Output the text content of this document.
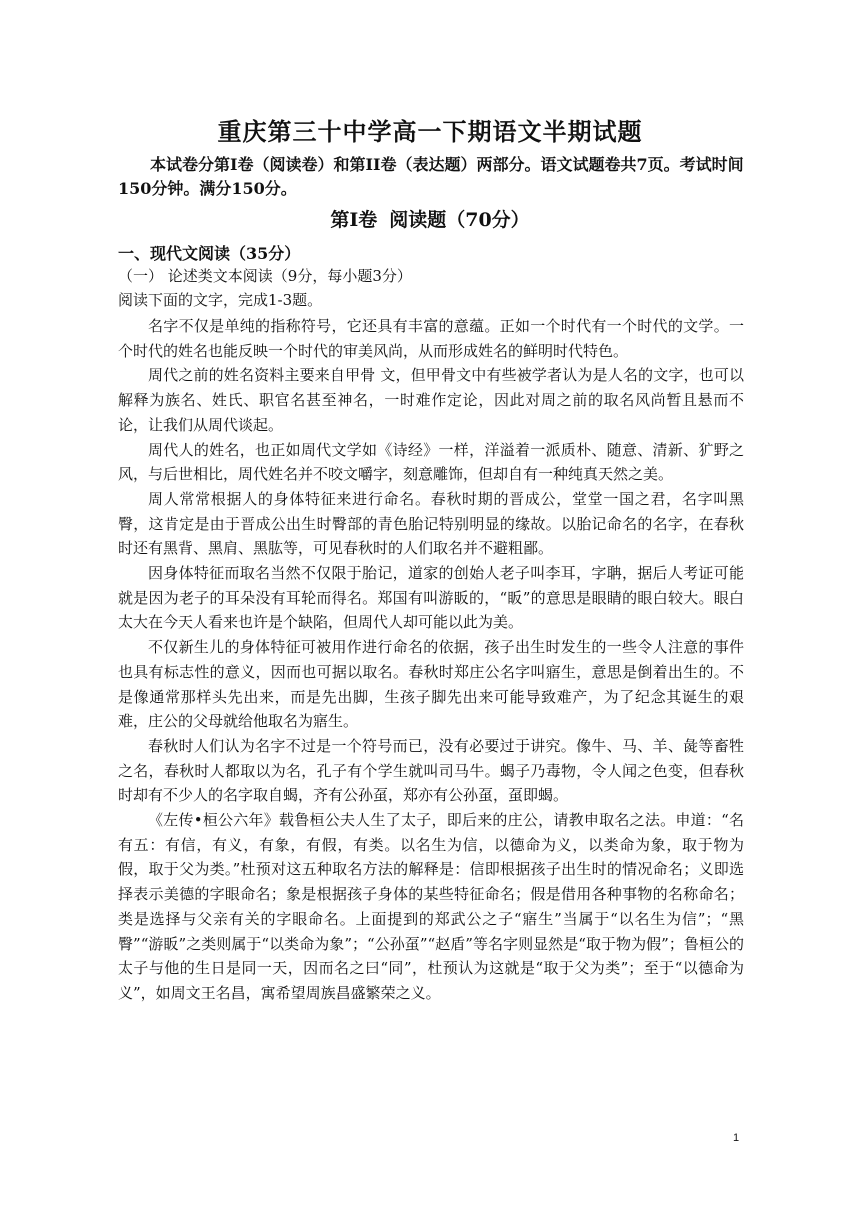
重庆第三十中学高一下期语文半期试题
本试卷分第Ⅰ卷（阅读卷）和第II卷（表达题）两部分。语文试题卷共7页。考试时间150分钟。满分150分。
第Ⅰ卷 阅读题（70分）
一、现代文阅读（35分）
（一） 论述类文本阅读（9分，每小题3分）
阅读下面的文字，完成1-3题。

名字不仅是单纯的指称符号，它还具有丰富的意蕴。正如一个时代有一个时代的文学。一个时代的姓名也能反映一个时代的审美风尚，从而形成姓名的鲜明时代特色。

周代之前的姓名资料主要来自甲骨 文，但甲骨文中有些被学者认为是人名的文字，也可以解释为族名、姓氏、职官名甚至神名，一时难作定论，因此对周之前的取名风尚暂且悬而不论，让我们从周代谈起。

周代人的姓名，也正如周代文学如《诗经》一样，洋溢着一派质朴、随意、清新、犷野之风，与后世相比，周代姓名并不咬文嚼字，刻意雕饰，但却自有一种纯真天然之美。

周人常常根据人的身体特征来进行命名。春秋时期的晋成公，堂堂一国之君，名字叫黑臀，这肯定是由于晋成公出生时臀部的青色胎记特别明显的缘故。以胎记命名的名字，在春秋时还有黑背、黑肩、黑肱等，可见春秋时的人们取名并不避粗鄙。

因身体特征而取名当然不仅限于胎记，道家的创始人老子叫李耳，字聃，据后人考证可能就是因为老子的耳朵没有耳轮而得名。郑国有叫游眅的，“眅”的意思是眼睛的眼白较大。眼白太大在今天人看来也许是个缺陷，但周代人却可能以此为美。

不仅新生儿的身体特征可被用作进行命名的依据，孩子出生时发生的一些令人注意的事件也具有标志性的意义，因而也可据以取名。春秋时郑庄公名字叫寤生，意思是倒着出生的。不是像通常那样头先出来，而是先出脚，生孩子脚先出来可能导致难产，为了纪念其诞生的艰难，庄公的父母就给他取名为寤生。

春秋时人们认为名字不过是一个符号而已，没有必要过于讲究。像牛、马、羊、彘等畜牲之名，春秋时人都取以为名，孔子有个学生就叫司马牛。蝎子乃毒物，令人闻之色变，但春秋时却有不少人的名字取自蝎，齐有公孙虿，郑亦有公孙虿，虿即蝎。

《左传•桓公六年》载鲁桓公夫人生了太子，即后来的庄公，请教申取名之法。申道：“名有五：有信，有义，有象，有假，有类。以名生为信，以德命为义，以类命为象，取于物为假，取于父为类。”杜预对这五种取名方法的解释是：信即根据孩子出生时的情况命名；义即选择表示美德的字眼命名；象是根据孩子身体的某些特征命名；假是借用各种事物的名称命名；类是选择与父亲有关的字眼命名。上面提到的郑武公之子“寤生”当属于“以名生为信”；“黑臀”“游眅”之类则属于“以类命为象”；“公孙虿”“赵盾”等名字则显然是“取于物为假”；鲁桓公的太子与他的生日是同一天，因而名之曰“同”，杜预认为这就是“取于父为类”；至于“以德命为义”，如周文王名昌，寓希望周族昌盛繁荣之义。

1
